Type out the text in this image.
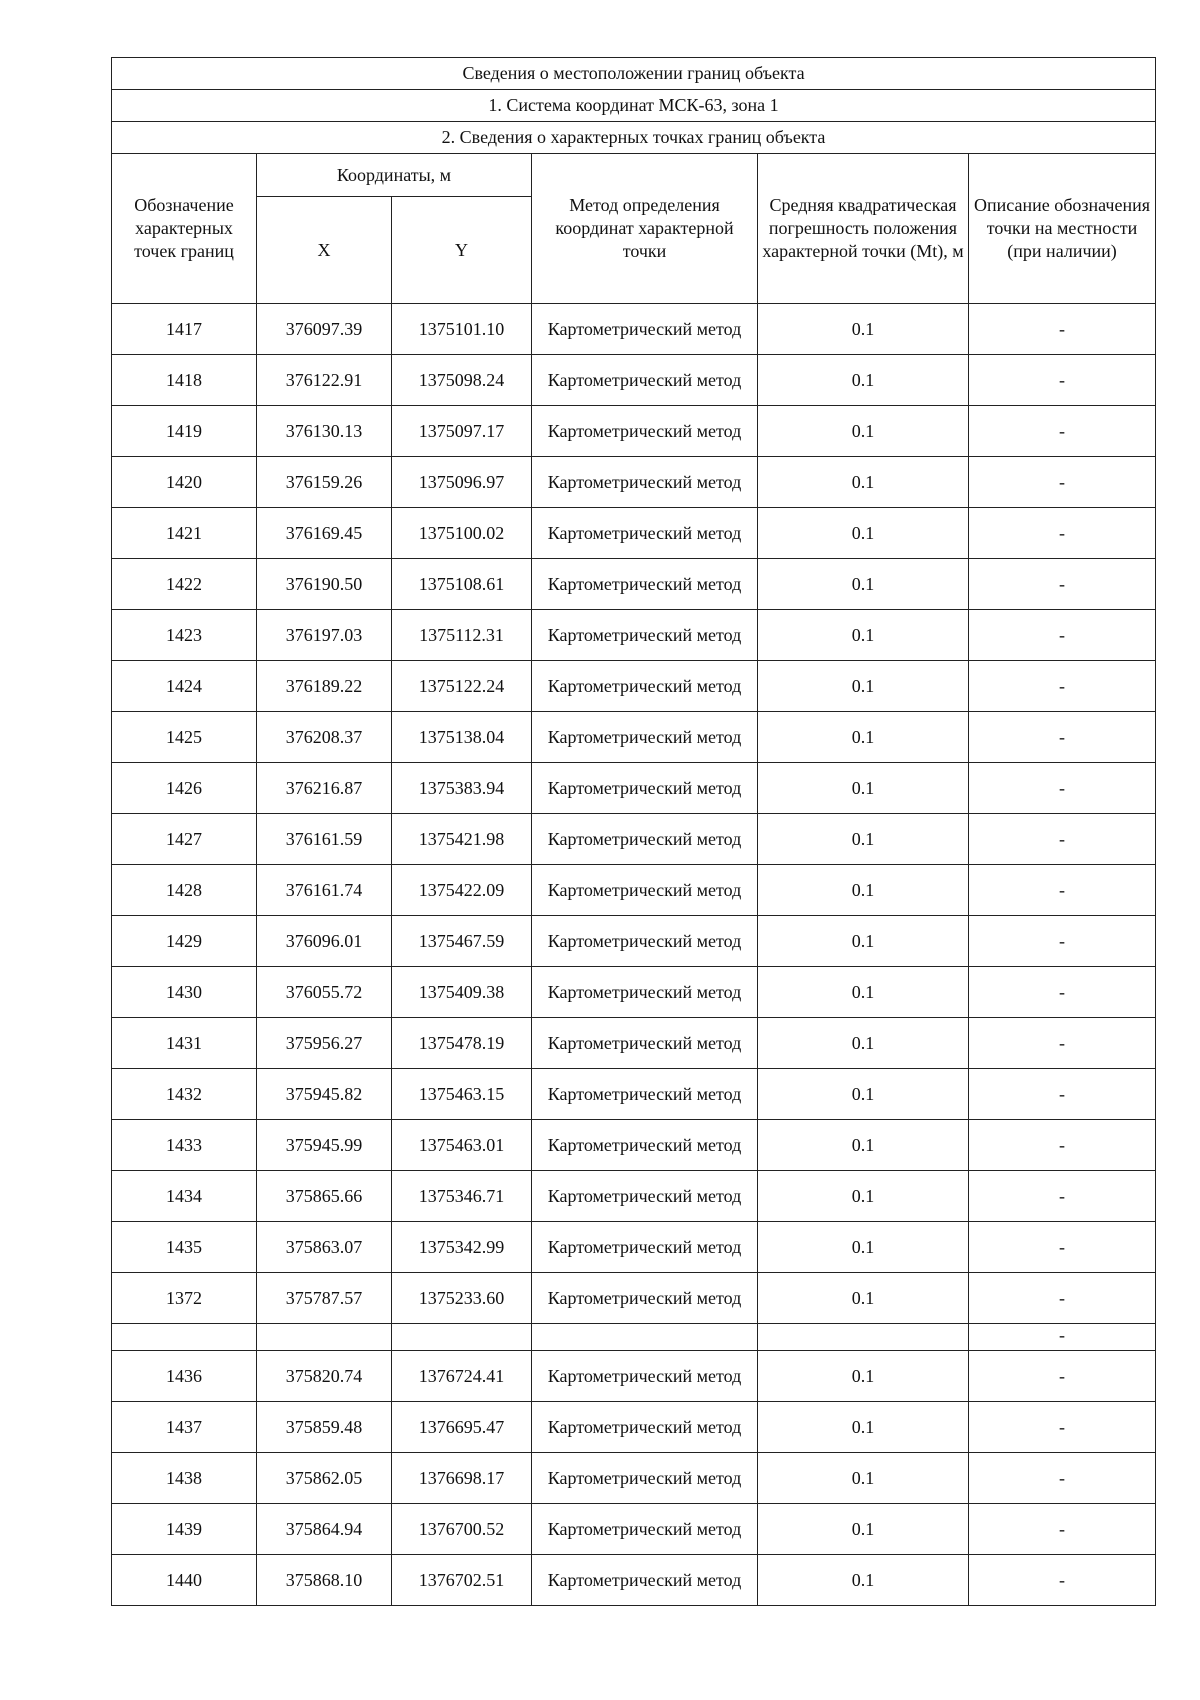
Сведения о местоположении границ объекта					
1. Система координат МСК-63, зона 1					
2. Сведения о характерных точках границ объекта					
Обозначение характерных точек границ	Координаты, м		Метод определения координат характерной точки	Средняя квадратическая погрешность положения характерной точки (Mt), м	Описание обозначения точки на местности (при наличии)
	X	Y			
1417	376097.39	1375101.10	Картометрический метод	0.1	-
1418	376122.91	1375098.24	Картометрический метод	0.1	-
1419	376130.13	1375097.17	Картометрический метод	0.1	-
1420	376159.26	1375096.97	Картометрический метод	0.1	-
1421	376169.45	1375100.02	Картометрический метод	0.1	-
1422	376190.50	1375108.61	Картометрический метод	0.1	-
1423	376197.03	1375112.31	Картометрический метод	0.1	-
1424	376189.22	1375122.24	Картометрический метод	0.1	-
1425	376208.37	1375138.04	Картометрический метод	0.1	-
1426	376216.87	1375383.94	Картометрический метод	0.1	-
1427	376161.59	1375421.98	Картометрический метод	0.1	-
1428	376161.74	1375422.09	Картометрический метод	0.1	-
1429	376096.01	1375467.59	Картометрический метод	0.1	-
1430	376055.72	1375409.38	Картометрический метод	0.1	-
1431	375956.27	1375478.19	Картометрический метод	0.1	-
1432	375945.82	1375463.15	Картометрический метод	0.1	-
1433	375945.99	1375463.01	Картометрический метод	0.1	-
1434	375865.66	1375346.71	Картометрический метод	0.1	-
1435	375863.07	1375342.99	Картометрический метод	0.1	-
1372	375787.57	1375233.60	Картометрический метод	0.1	-
					-
1436	375820.74	1376724.41	Картометрический метод	0.1	-
1437	375859.48	1376695.47	Картометрический метод	0.1	-
1438	375862.05	1376698.17	Картометрический метод	0.1	-
1439	375864.94	1376700.52	Картометрический метод	0.1	-
1440	375868.10	1376702.51	Картометрический метод	0.1	-
